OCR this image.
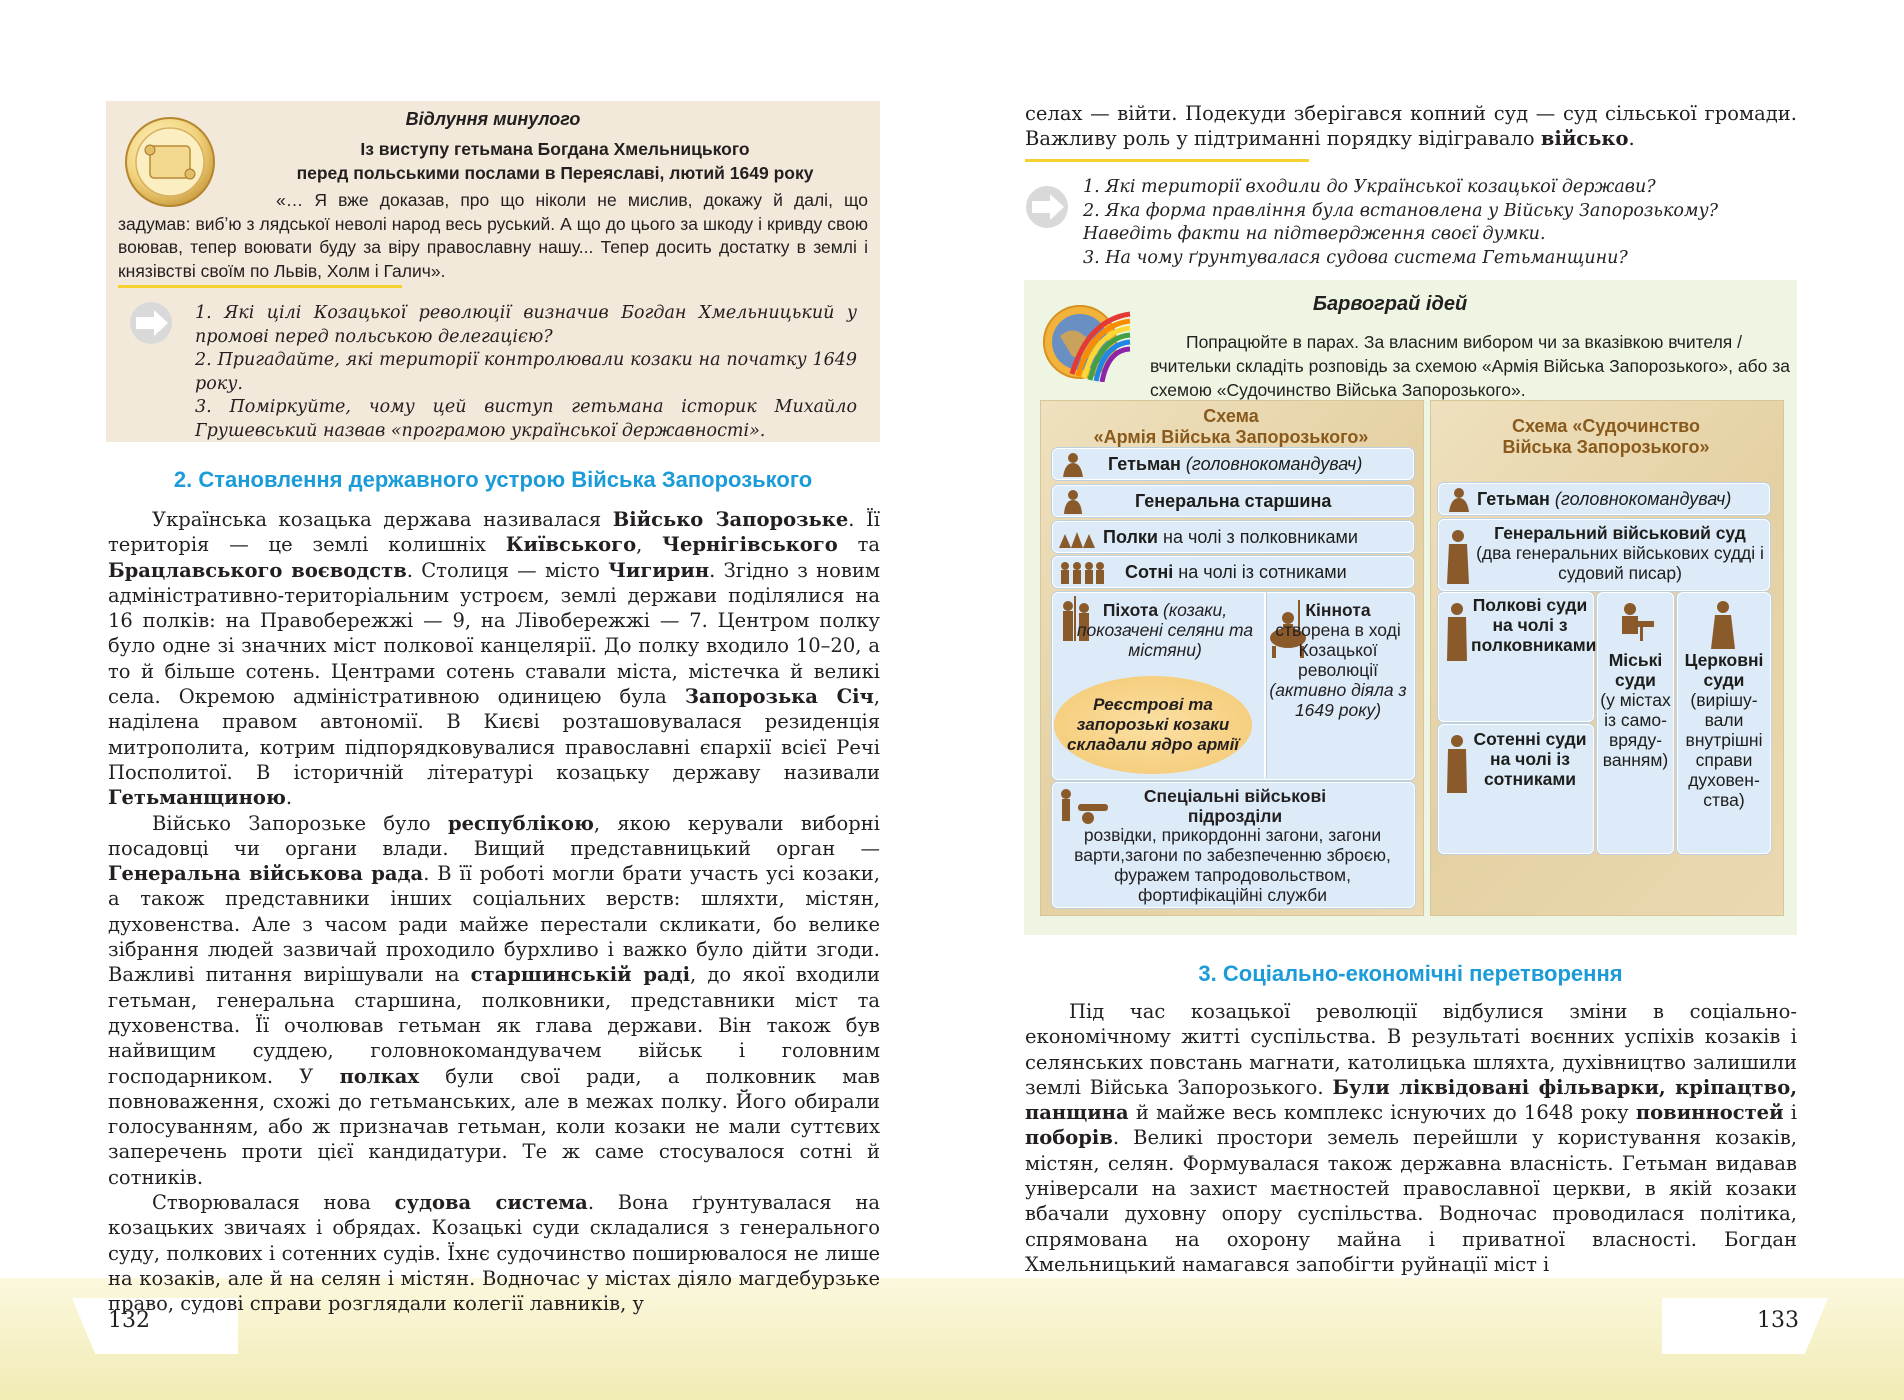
132	133
Відлуння минулого
Із виступу гетьмана Богдана Хмельницького
перед польськими послами в Переяславі, лютий 1649 року
«… Я вже доказав, про що ніколи не мислив, докажу й далі, що задумав: вибʼю з лядської неволі народ весь руський. А що до цього за шкоду і кривду свою воював, тепер воювати буду за віру православну нашу... Тепер досить достатку в землі і князівстві своїм по Львів, Холм і Галич».
1. Які цілі Козацької революції визначив Богдан Хмельницький у промові перед польською делегацією?
2. Пригадайте, які території контролювали козаки на початку 1649 року.
3. Поміркуйте, чому цей виступ гетьмана історик Михайло Грушевський назвав «програмою української державності».
2. Становлення державного устрою Війська Запорозького

Українська козацька держава називалася Військо Запорозьке. Її територія — це землі колишніх Київського, Чернігівського та Брацлавського воєводств. Столиця — місто Чигирин. Згідно з новим адміністративно-територіальним устроєм, землі держави поділялися на 16 полків: на Правобережжі — 9, на Лівобережжі — 7. Центром полку було одне зі значних міст полкової канцелярії. До полку входило 10–20, а то й більше сотень. Центрами сотень ставали міста, містечка й великі села. Окремою адміністративною одиницею була Запорозька Січ, наділена правом автономії. В Києві розташовувалася резиденція митрополита, котрим підпорядковувалися православні єпархії всієї Речі Посполитої. В історичній літературі козацьку державу називали Гетьманщиною.

Військо Запорозьке було республікою, якою керували виборні посадовці чи органи влади. Вищий представницький орган — Генеральна військова рада. В її роботі могли брати участь усі козаки, а також представники інших соціальних верств: шляхти, містян, духовенства. Але з часом ради майже перестали скликати, бо велике зібрання людей зазвичай проходило бурхливо і важко було дійти згоди. Важливі питання вирішували на старшинській раді, до якої входили гетьман, генеральна старшина, полковники, представники міст та духовенства. Її очолював гетьман як глава держави. Він також був найвищим суддею, головнокомандувачем військ і головним господарником. У полках були свої ради, а полковник мав повноваження, схожі до гетьманських, але в межах полку. Його обирали голосуванням, або ж призначав гетьман, коли козаки не мали суттєвих заперечень проти цієї кандидатури. Те ж саме стосувалося сотні й сотників.

Створювалася нова судова система. Вона ґрунтувалася на козацьких звичаях і обрядах. Козацькі суди складалися з генерального суду, полкових і сотенних судів. Їхнє судочинство поширювалося не лише на козаків, але й на селян і містян. Водночас у містах діяло магдебурзьке право, судові справи розглядали колегії лавників, у

селах — війти. Подекуди зберігався копний суд — суд сільської громади. Важливу роль у підтриманні порядку відігравало військо.

1. Які території входили до Української козацької держави?
2. Яка форма правління була встановлена у Війську Запорозькому? Наведіть факти на підтвердження своєї думки.
3. На чому ґрунтувалася судова система Гетьманщини?
Барвограй ідей
Попрацюйте в парах. За власним вибором чи за вказівкою вчителя / вчительки складіть розповідь за схемою «Армія Війська Запорозького», або за схемою «Судочинство Війська Запорозького».
Схема
«Армія Війська Запорозького»
Гетьман (головнокомандувач)
Генеральна старшина
Полки на чолі з полковниками
Сотні на чолі із сотниками
Піхота (козаки, покозачені селяни та містяни)
Кіннота
створена в ході Козацької революції (активно діяла з 1649 року)
Реєстрові та запорозькі козаки складали ядро армії
Спеціальні військові підрозділи
розвідки, прикордонні загони, загони варти,загони по забезпеченню зброєю, фуражем тапродовольством, фортифікаційні служби
Схема «Судочинство
Війська Запорозького»
Гетьман (головнокомандувач)
Генеральний військовий суд
(два генеральних військових судді і судовий писар)
Полкові суди на чолі з полковниками
Сотенні суди на чолі із сотниками
Міські суди
(у містах із само-вряду-ванням)
Церковні суди
(вирішу-вали внутрішні справи духовен-ства)
3. Соціально-економічні перетворення

Під час козацької революції відбулися зміни в соціально-економічному житті суспільства. В результаті воєнних успіхів козаків і селянських повстань магнати, католицька шляхта, духівництво залишили землі Війська Запорозького. Були ліквідовані фільварки, кріпацтво, панщина й майже весь комплекс існуючих до 1648 року повинностей і поборів. Великі простори земель перейшли у користування козаків, містян, селян. Формувалася також державна власність. Гетьман видавав універсали на захист маєтностей православної церкви, в якій козаки вбачали духовну опору суспільства. Водночас проводилася політика, спрямована на охорону майна і приватної власності. Богдан Хмельницький намагався запобігти руйнації міст і
